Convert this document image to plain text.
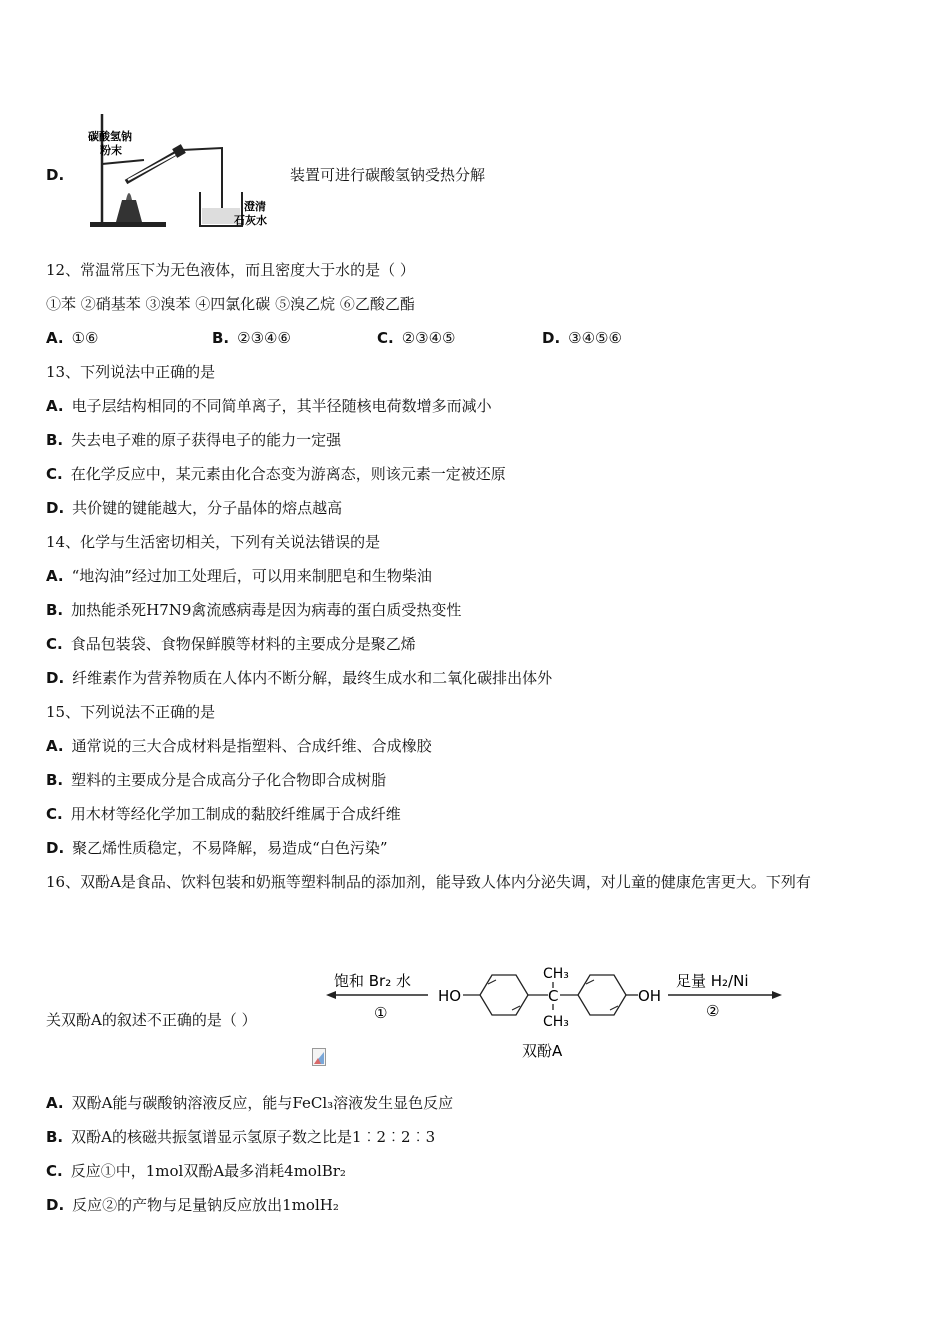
D.
碳酸氢钠
粉末
澄清
石灰水
装置可进行碳酸氢钠受热分解
12、常温常压下为无色液体，而且密度大于水的是（ ）
①苯 ②硝基苯 ③溴苯 ④四氯化碳 ⑤溴乙烷 ⑥乙酸乙酯
A. ①⑥	B. ②③④⑥	C. ②③④⑤	D. ③④⑤⑥
13、下列说法中正确的是
A. 电子层结构相同的不同简单离子，其半径随核电荷数增多而减小
B. 失去电子难的原子获得电子的能力一定强
C. 在化学反应中，某元素由化合态变为游离态，则该元素一定被还原
D. 共价键的键能越大，分子晶体的熔点越高
14、化学与生活密切相关，下列有关说法错误的是
A. “地沟油”经过加工处理后，可以用来制肥皂和生物柴油
B. 加热能杀死H7N9禽流感病毒是因为病毒的蛋白质受热变性
C. 食品包装袋、食物保鲜膜等材料的主要成分是聚乙烯
D. 纤维素作为营养物质在人体内不断分解，最终生成水和二氧化碳排出体外
15、下列说法不正确的是
A. 通常说的三大合成材料是指塑料、合成纤维、合成橡胶
B. 塑料的主要成分是合成高分子化合物即合成树脂
C. 用木材等经化学加工制成的黏胶纤维属于合成纤维
D. 聚乙烯性质稳定，不易降解，易造成“白色污染”
16、双酚A是食品、饮料包装和奶瓶等塑料制品的添加剂，能导致人体内分泌失调，对儿童的健康危害更大。下列有
关双酚A的叙述不正确的是（ ）
饱和 Br₂ 水
①
HO	C
CH₃
CH₃
OH
足量 H₂/Ni
②
双酚A
A. 双酚A能与碳酸钠溶液反应，能与FeCl₃溶液发生显色反应
B. 双酚A的核磁共振氢谱显示氢原子数之比是1︰2︰2︰3
C. 反应①中，1mol双酚A最多消耗4molBr₂
D. 反应②的产物与足量钠反应放出1molH₂
